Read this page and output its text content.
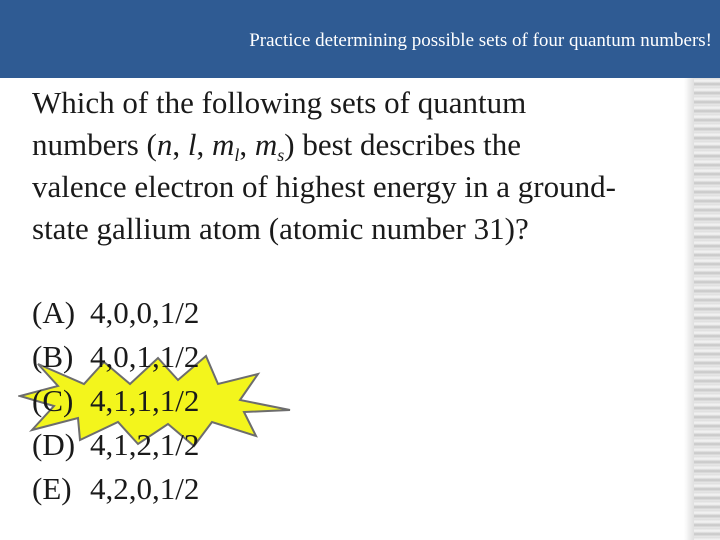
Practice determining possible sets of four quantum numbers!
Which of the following sets of quantum
numbers (n, l, $m_l$, $m_s$) best describes the
valence electron of highest energy in a ground-
state gallium atom (atomic number 31)?
(A) 4,0,0,1/2
(B) 4,0,1,1/2
(C) 4,1,1,1/2
(D) 4,1,2,1/2
(E) 4,2,0,1/2
